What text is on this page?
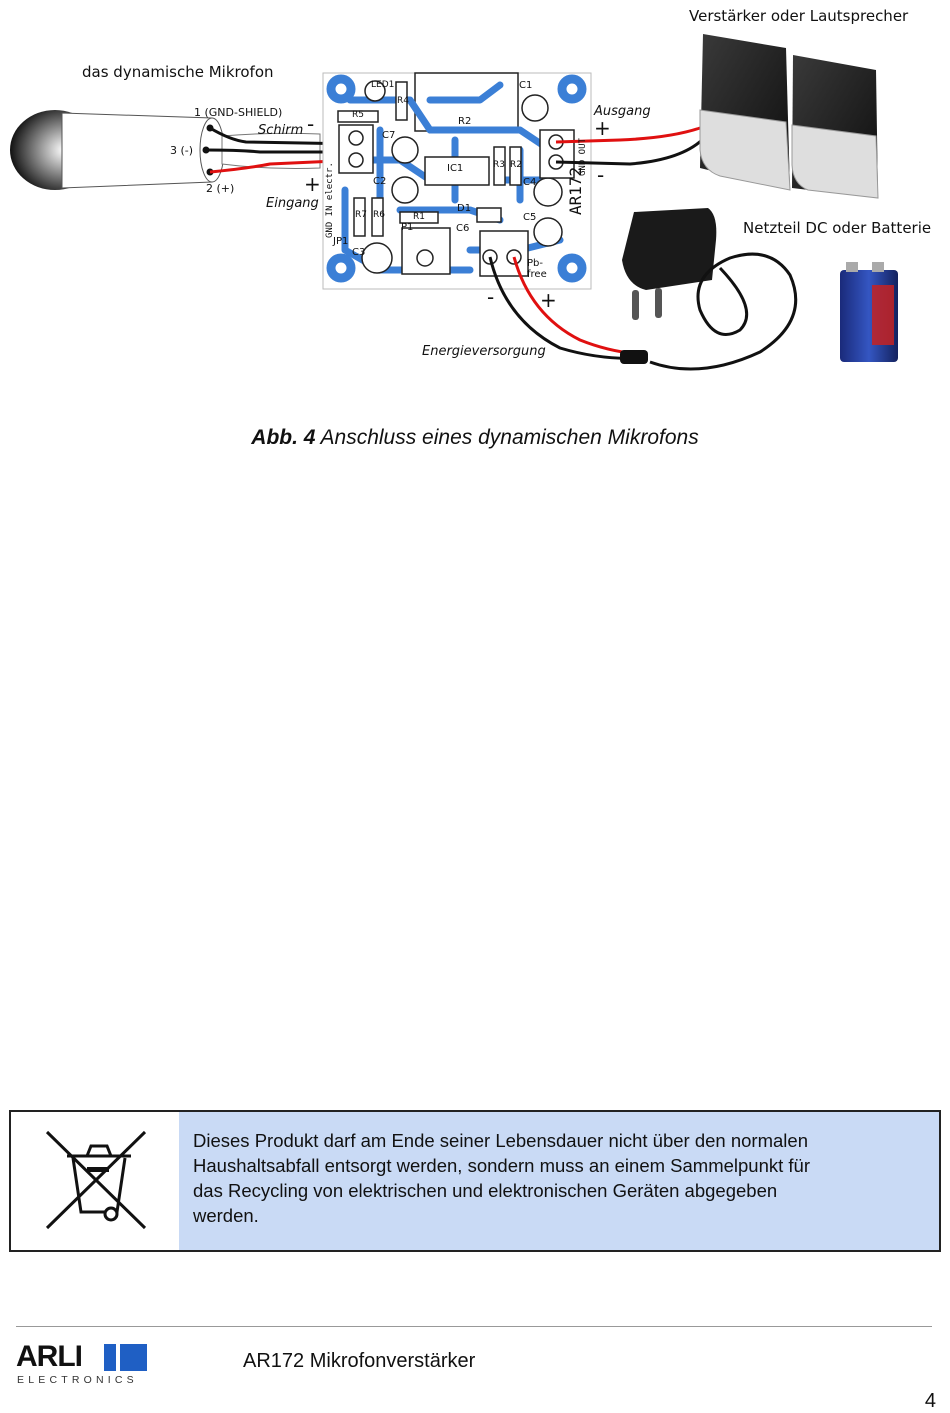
das dynamische Mikrofon
1 (GND-SHIELD)
3 (-)
2 (+)
Schirm -
+
Eingang
Ausgang
+
-
Verstärker oder Lautsprecher
Netzteil DC oder Batterie
Energieversorgung
- +
AR172
GND OUT
GND IN electr.
Pb-free
LED1	C1
R4
R5
R2
C7
C2
IC1	R3 R2
C4
R7 R6	R1
D1
C5
JP1
P1	C6
C3
Abb. 4 Anschluss eines dynamischen Mikrofons
Dieses Produkt darf am Ende seiner Lebensdauer nicht über den normalen Haushaltsabfall entsorgt werden, sondern muss an einem Sammelpunkt für das Recycling von elektrischen und elektronischen Geräten abgegeben werden.
ARLI
ELECTRONICS
AR172 Mikrofonverstärker
4
